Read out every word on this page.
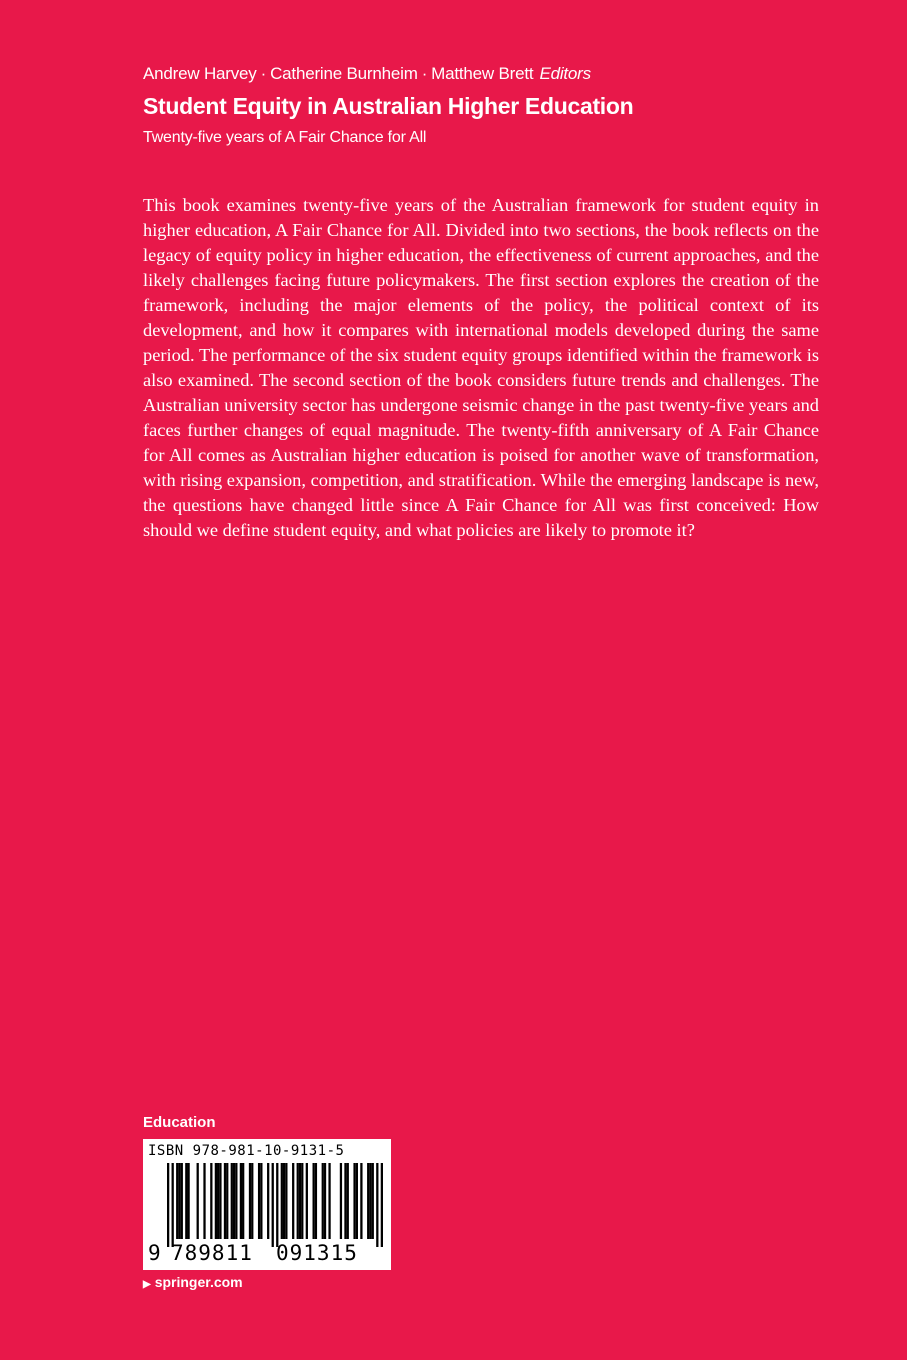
Andrew Harvey · Catherine Burnheim · Matthew Brett Editors
Student Equity in Australian Higher Education
Twenty-five years of A Fair Chance for All

This book examines twenty-five years of the Australian framework for student equity in higher education, A Fair Chance for All. Divided into two sections, the book reflects on the legacy of equity policy in higher education, the effectiveness of current approaches, and the likely challenges facing future policymakers. The first section explores the creation of the framework, including the major elements of the policy, the political context of its development, and how it compares with international models developed during the same period. The performance of the six student equity groups identified within the framework is also examined. The second section of the book considers future trends and challenges. The Australian university sector has undergone seismic change in the past twenty-five years and faces further changes of equal magnitude. The twenty-fifth anniversary of A Fair Chance for All comes as Australian higher education is poised for another wave of transformation, with rising expansion, competition, and stratification. While the emerging landscape is new, the questions have changed little since A Fair Chance for All was first conceived: How should we define student equity, and what policies are likely to promote it?

Education
ISBN 978-981-10-9131-5
9 789811 091315
▶ springer.com
